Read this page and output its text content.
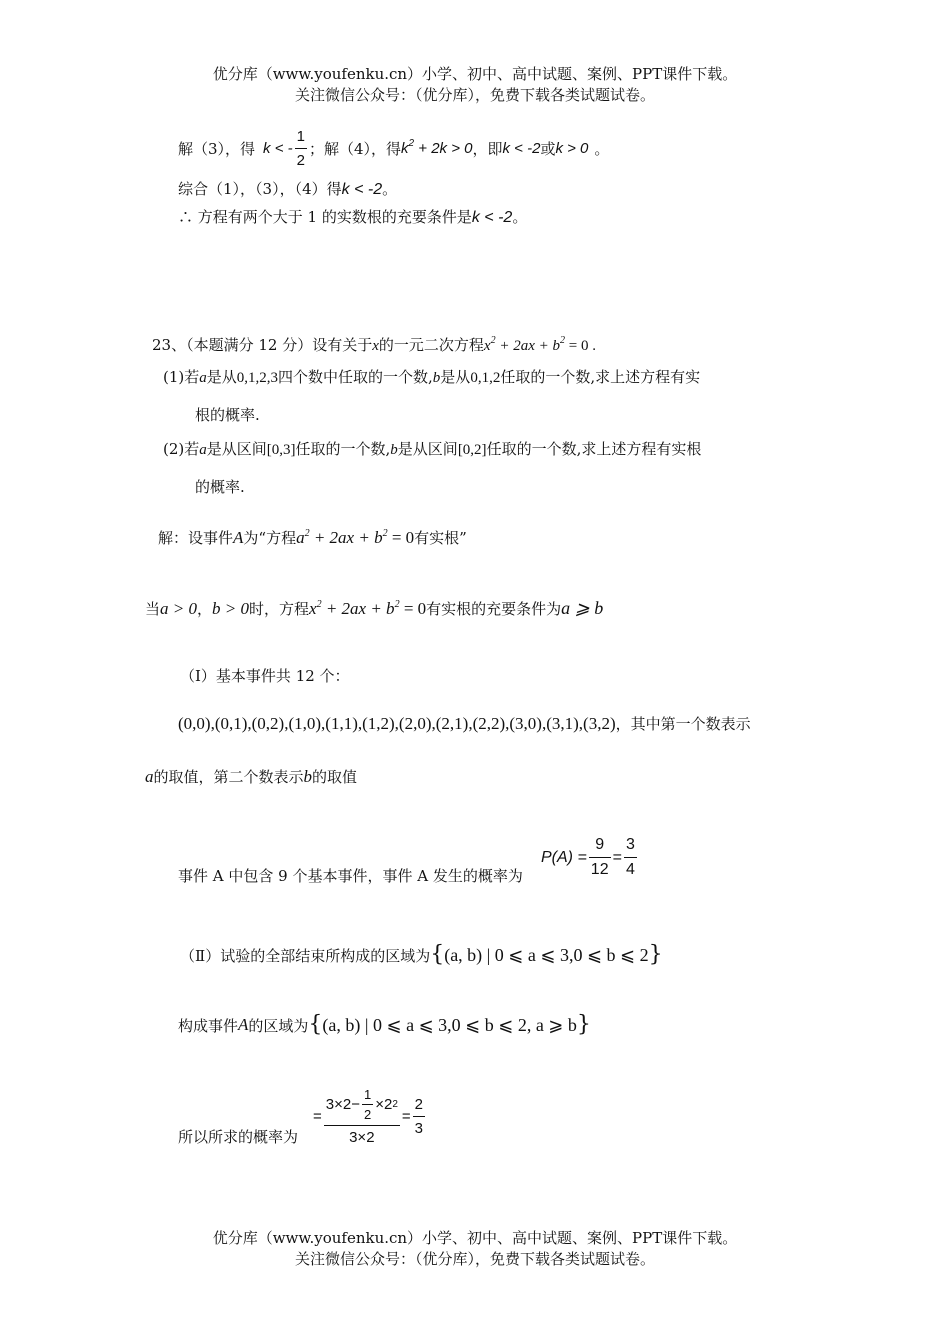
优分库（www.youfenku.cn）小学、初中、高中试题、案例、PPT课件下载。
关注微信公众号：（优分库），免费下载各类试题试卷。
解（3），得 k < - $\frac{1}{2}$ ；解（4），得 $k^2 + 2k > 0$ ，即 k < -2 或 k > 0 。
综合（1），（3），（4）得k < -2。
∴ 方程有两个大于 1 的实数根的充要条件是k < -2。
23、（本题满分 12 分）设有关于x的一元二次方程$x^2 + 2ax + b^2 = 0$ .
(1)若a是从0,1,2,3四个数中任取的一个数,b是从0,1,2任取的一个数,求上述方程有实
根的概率.
(2)若a是从区间[0,3]任取的一个数,b是从区间[0,2]任取的一个数,求上述方程有实根
的概率.
解：设事件A为“方程$a^2 + 2ax + b^2 = 0$有实根”
当a > 0，b > 0时，方程$x^2 + 2ax + b^2 = 0$有实根的充要条件为a ⩾ b
（Ⅰ）基本事件共 12 个：
(0,0),(0,1),(0,2),(1,0),(1,1),(1,2),(2,0),(2,1),(2,2),(3,0),(3,1),(3,2)，其中第一个数表示
a的取值，第二个数表示b的取值
事件 A 中包含 9 个基本事件，事件 A 发生的概率为
$P(A) = \frac{9}{12} = \frac{3}{4}$
（Ⅱ）试验的全部结束所构成的区域为 { (a, b) | 0 ⩽ a ⩽ 3,0 ⩽ b ⩽ 2 }
构成事件 A 的区域为 { (a, b) | 0 ⩽ a ⩽ 3,0 ⩽ b ⩽ 2, a ⩾ b }
所以所求的概率为
= $\frac{3\times 2- \frac{1}{2} \times 2 2}{3\times 2} = \frac{2}{3}$
优分库（www.youfenku.cn）小学、初中、高中试题、案例、PPT课件下载。
关注微信公众号：（优分库），免费下载各类试题试卷。
